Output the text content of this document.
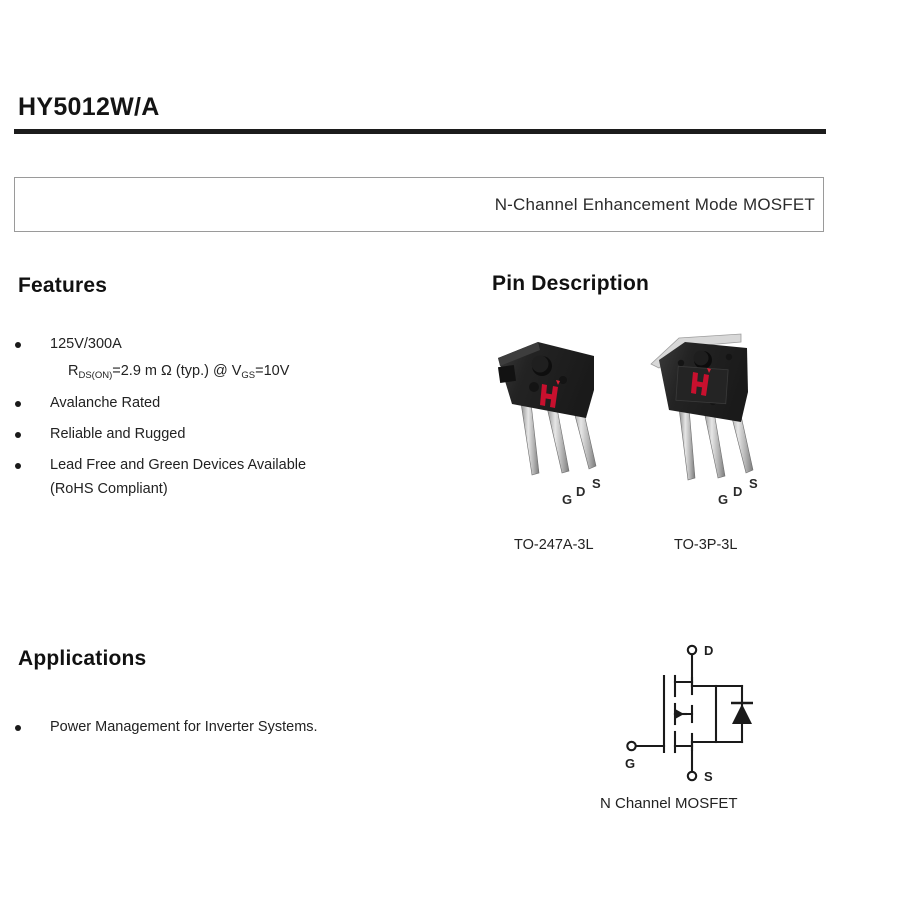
HY5012W/A
N-Channel Enhancement Mode MOSFET
Features
125V/300A
$R_{DS(ON)}=2.9$ m Ω (typ.) @ $V_{GS}=10V$
Avalanche Rated
Reliable and Rugged
Lead Free and Green Devices Available
(RoHS Compliant)
Pin Description
G
D
S
G
D
S
TO-247A-3L	TO-3P-3L
Applications
Power Management for Inverter Systems.
D
S
G
N Channel MOSFET
